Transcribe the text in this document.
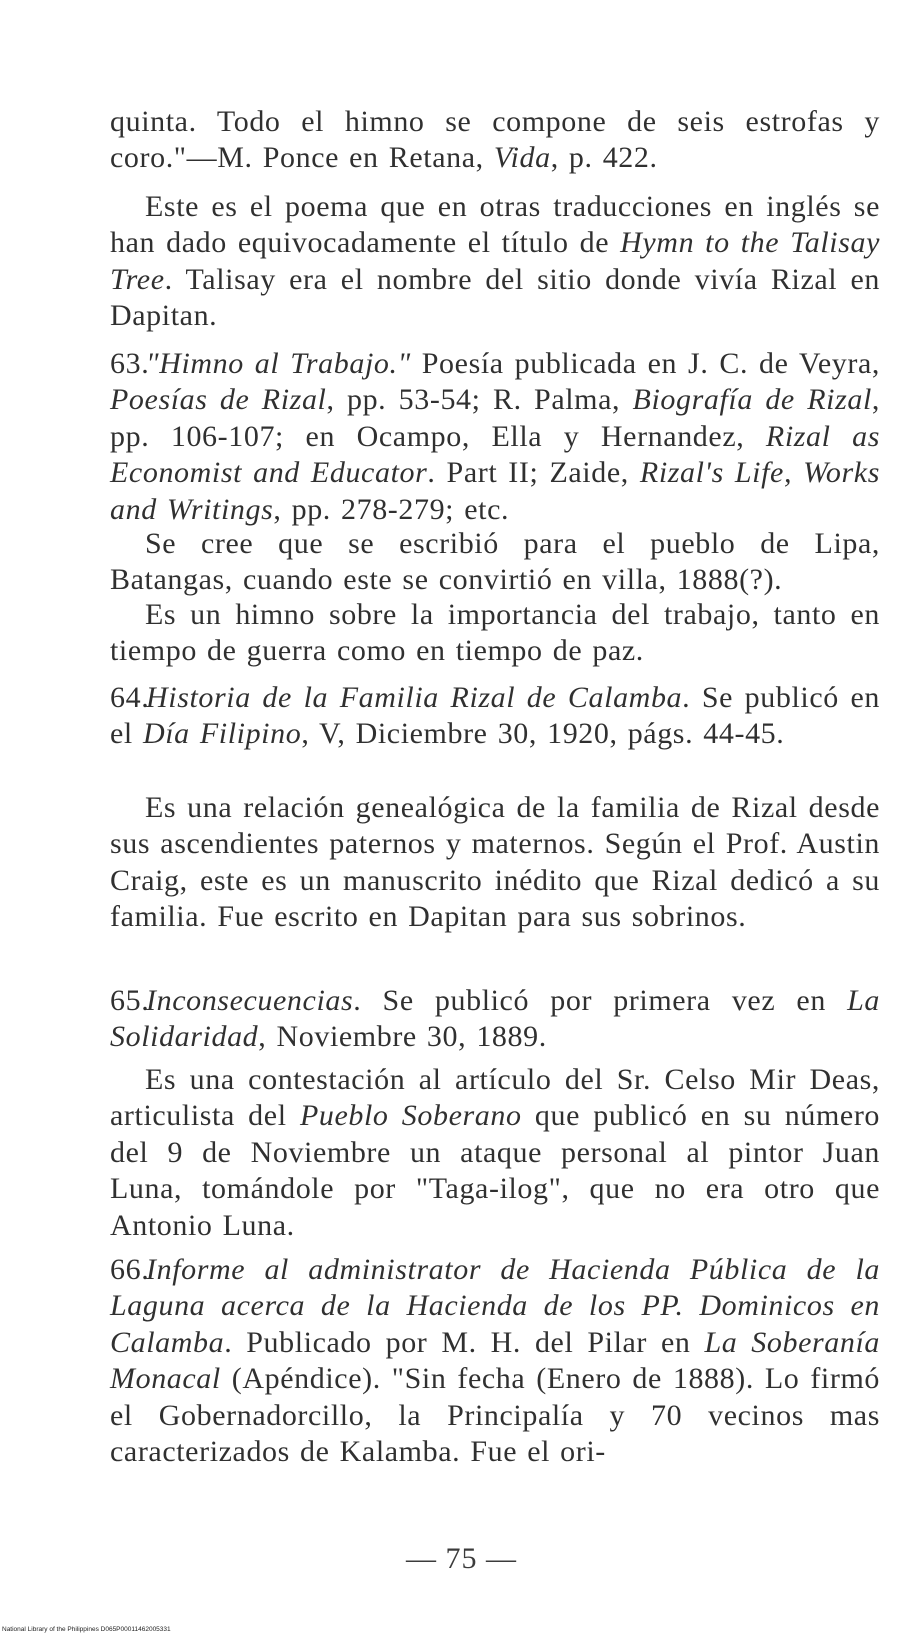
quinta. Todo el himno se compone de seis estrofas y coro."—M. Ponce en Retana, Vida, p. 422.

Este es el poema que en otras traducciones en inglés se han dado equivocadamente el título de Hymn to the Talisay Tree. Talisay era el nombre del sitio donde vivía Rizal en Dapitan.

63."Himno al Trabajo." Poesía publicada en J. C. de Veyra, Poesías de Rizal, pp. 53-54; R. Palma, Biografía de Rizal, pp. 106-107; en Ocampo, Ella y Hernandez, Rizal as Economist and Educator. Part II; Zaide, Rizal's Life, Works and Writings, pp. 278-279; etc.

Se cree que se escribió para el pueblo de Lipa, Batangas, cuando este se convirtió en villa, 1888(?).

Es un himno sobre la importancia del trabajo, tanto en tiempo de guerra como en tiempo de paz.

64.Historia de la Familia Rizal de Calamba. Se publicó en el Día Filipino, V, Diciembre 30, 1920, págs. 44-45.

Es una relación genealógica de la familia de Rizal desde sus ascendientes paternos y maternos. Según el Prof. Austin Craig, este es un manuscrito inédito que Rizal dedicó a su familia. Fue escrito en Dapitan para sus sobrinos.

65.Inconsecuencias. Se publicó por primera vez en La Solidaridad, Noviembre 30, 1889.

Es una contestación al artículo del Sr. Celso Mir Deas, articulista del Pueblo Soberano que publicó en su número del 9 de Noviembre un ataque personal al pintor Juan Luna, tomándole por "Taga-ilog", que no era otro que Antonio Luna.

66.Informe al administrator de Hacienda Pública de la Laguna acerca de la Hacienda de los PP. Dominicos en Calamba. Publicado por M. H. del Pilar en La Soberanía Monacal (Apéndice). "Sin fecha (Enero de 1888). Lo firmó el Gobernadorcillo, la Principalía y 70 vecinos mas caracterizados de Kalamba. Fue el ori-

— 75 —
National Library of the Philippines D065P00011462005331
